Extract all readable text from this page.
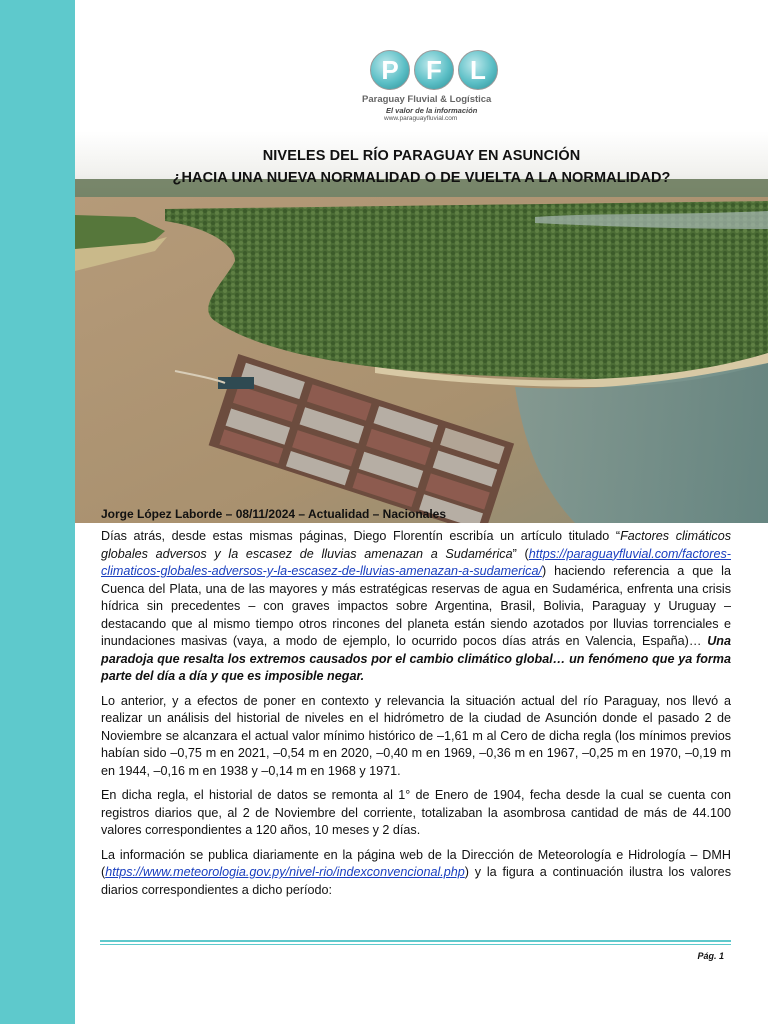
P	F	L
Paraguay Fluvial & Logística
El valor de la información
www.paraguayfluvial.com
NIVELES DEL RÍO PARAGUAY EN ASUNCIÓN
¿HACIA UNA NUEVA NORMALIDAD O DE VUELTA A LA NORMALIDAD?
Jorge López Laborde – 08/11/2024 – Actualidad – Nacionales

Días atrás, desde estas mismas páginas, Diego Florentín escribía un artículo titulado “Factores climáticos globales adversos y la escasez de lluvias amenazan a Sudamérica” (https://paraguayfluvial.com/factores-climaticos-globales-adversos-y-la-escasez-de-lluvias-amenazan-a-sudamerica/) haciendo referencia a que la Cuenca del Plata, una de las mayores y más estratégicas reservas de agua en Sudamérica, enfrenta una crisis hídrica sin precedentes – con graves impactos sobre Argentina, Brasil, Bolivia, Paraguay y Uruguay – destacando que al mismo tiempo otros rincones del planeta están siendo azotados por lluvias torrenciales e inundaciones masivas (vaya, a modo de ejemplo, lo ocurrido pocos días atrás en Valencia, España)… Una paradoja que resalta los extremos causados por el cambio climático global… un fenómeno que ya forma parte del día a día y que es imposible negar.

Lo anterior, y a efectos de poner en contexto y relevancia la situación actual del río Paraguay, nos llevó a realizar un análisis del historial de niveles en el hidrómetro de la ciudad de Asunción donde el pasado 2 de Noviembre se alcanzara el actual valor mínimo histórico de –1,61 m al Cero de dicha regla (los mínimos previos habían sido –0,75 m en 2021, –0,54 m en 2020, –0,40 m en 1969, –0,36 m en 1967, –0,25 m en 1970, –0,19 m en 1944, –0,16 m en 1938 y –0,14 m en 1968 y 1971.

En dicha regla, el historial de datos se remonta al 1° de Enero de 1904, fecha desde la cual se cuenta con registros diarios que, al 2 de Noviembre del corriente, totalizaban la asombrosa cantidad de más de 44.100 valores correspondientes a 120 años, 10 meses y 2 días.

La información se publica diariamente en la página web de la Dirección de Meteorología e Hidrología – DMH (https://www.meteorologia.gov.py/nivel-rio/indexconvencional.php) y la figura a continuación ilustra los valores diarios correspondientes a dicho período:

Pág. 1
